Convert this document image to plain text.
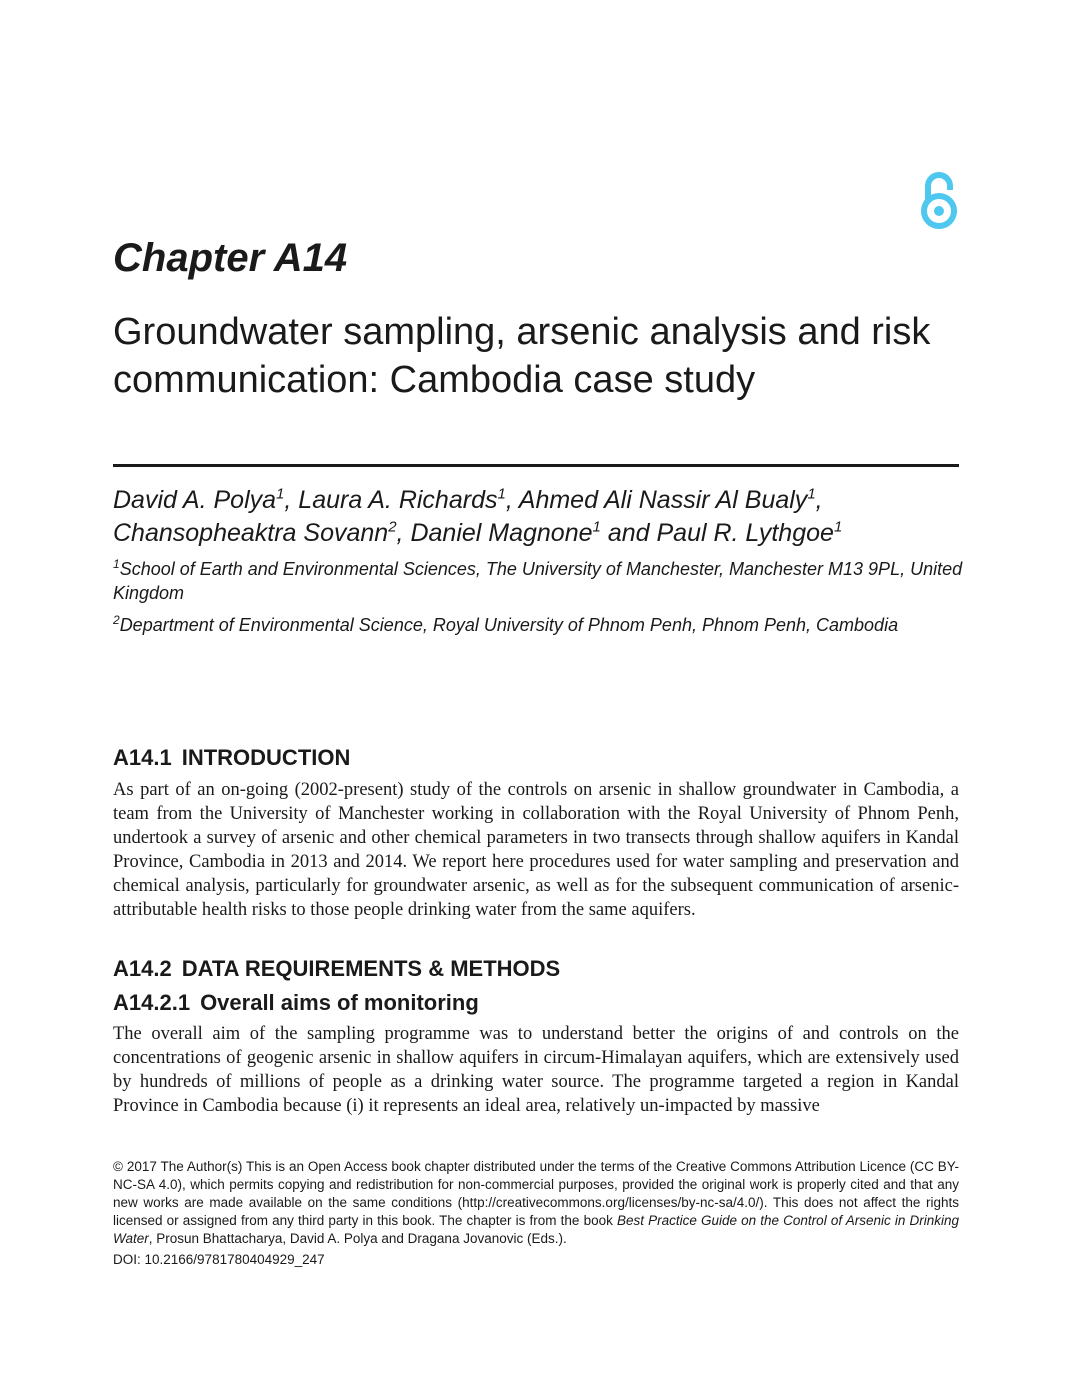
Chapter A14
Groundwater sampling, arsenic analysis and risk communication: Cambodia case study

David A. Polya$^1$, Laura A. Richards$^1$, Ahmed Ali Nassir Al Bualy$^1$, Chansopheaktra Sovann$^2$, Daniel Magnone$^1$ and Paul R. Lythgoe$^1$

$^1$School of Earth and Environmental Sciences, The University of Manchester, Manchester M13 9PL, United Kingdom

$^2$Department of Environmental Science, Royal University of Phnom Penh, Phnom Penh, Cambodia

A14.1 INTRODUCTION

As part of an on-going (2002-present) study of the controls on arsenic in shallow groundwater in Cambodia, a team from the University of Manchester working in collaboration with the Royal University of Phnom Penh, undertook a survey of arsenic and other chemical parameters in two transects through shallow aquifers in Kandal Province, Cambodia in 2013 and 2014. We report here procedures used for water sampling and preservation and chemical analysis, particularly for groundwater arsenic, as well as for the subsequent communication of arsenic-attributable health risks to those people drinking water from the same aquifers.

A14.2 DATA REQUIREMENTS & METHODS
A14.2.1 Overall aims of monitoring

The overall aim of the sampling programme was to understand better the origins of and controls on the concentrations of geogenic arsenic in shallow aquifers in circum-Himalayan aquifers, which are extensively used by hundreds of millions of people as a drinking water source. The programme targeted a region in Kandal Province in Cambodia because (i) it represents an ideal area, relatively un-impacted by massive

© 2017 The Author(s) This is an Open Access book chapter distributed under the terms of the Creative Commons Attribution Licence (CC BY-NC-SA 4.0), which permits copying and redistribution for non-commercial purposes, provided the original work is properly cited and that any new works are made available on the same conditions (http://creativecommons.org/licenses/by-nc-sa/4.0/). This does not affect the rights licensed or assigned from any third party in this book. The chapter is from the book Best Practice Guide on the Control of Arsenic in Drinking Water, Prosun Bhattacharya, David A. Polya and Dragana Jovanovic (Eds.).

DOI: 10.2166/9781780404929_247
